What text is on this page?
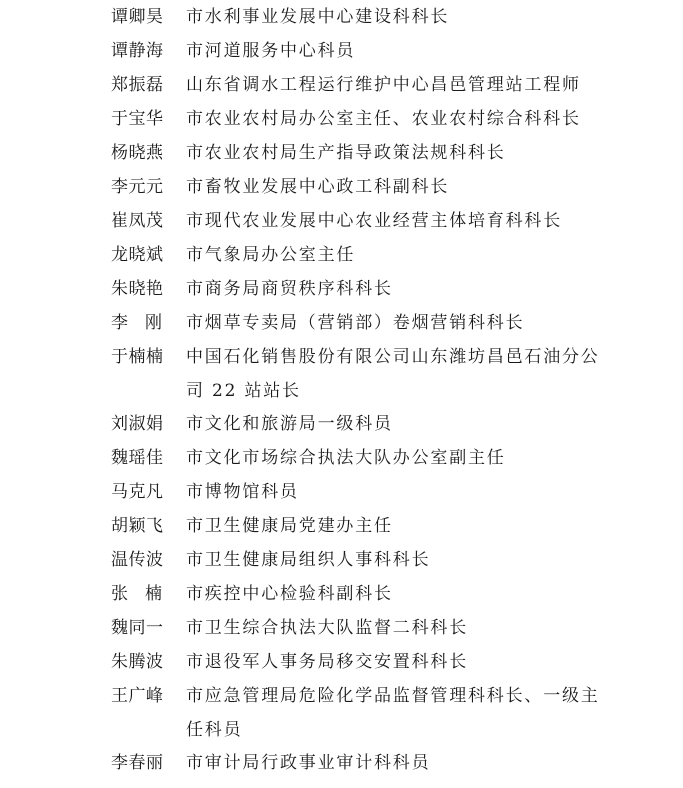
谭卿昊	市水利事业发展中心建设科科长
谭静海	市河道服务中心科员
郑振磊	山东省调水工程运行维护中心昌邑管理站工程师
于宝华	市农业农村局办公室主任、农业农村综合科科长
杨晓燕	市农业农村局生产指导政策法规科科长
李元元	市畜牧业发展中心政工科副科长
崔凤茂	市现代农业发展中心农业经营主体培育科科长
龙晓斌	市气象局办公室主任
朱晓艳	市商务局商贸秩序科科长
李　刚	市烟草专卖局（营销部）卷烟营销科科长
于楠楠	中国石化销售股份有限公司山东潍坊昌邑石油分公司 22 站站长
刘淑娟	市文化和旅游局一级科员
魏瑶佳	市文化市场综合执法大队办公室副主任
马克凡	市博物馆科员
胡颖飞	市卫生健康局党建办主任
温传波	市卫生健康局组织人事科科长
张　楠	市疾控中心检验科副科长
魏同一	市卫生综合执法大队监督二科科长
朱腾波	市退役军人事务局移交安置科科长
王广峰	市应急管理局危险化学品监督管理科科长、一级主任科员
李春丽	市审计局行政事业审计科科员
